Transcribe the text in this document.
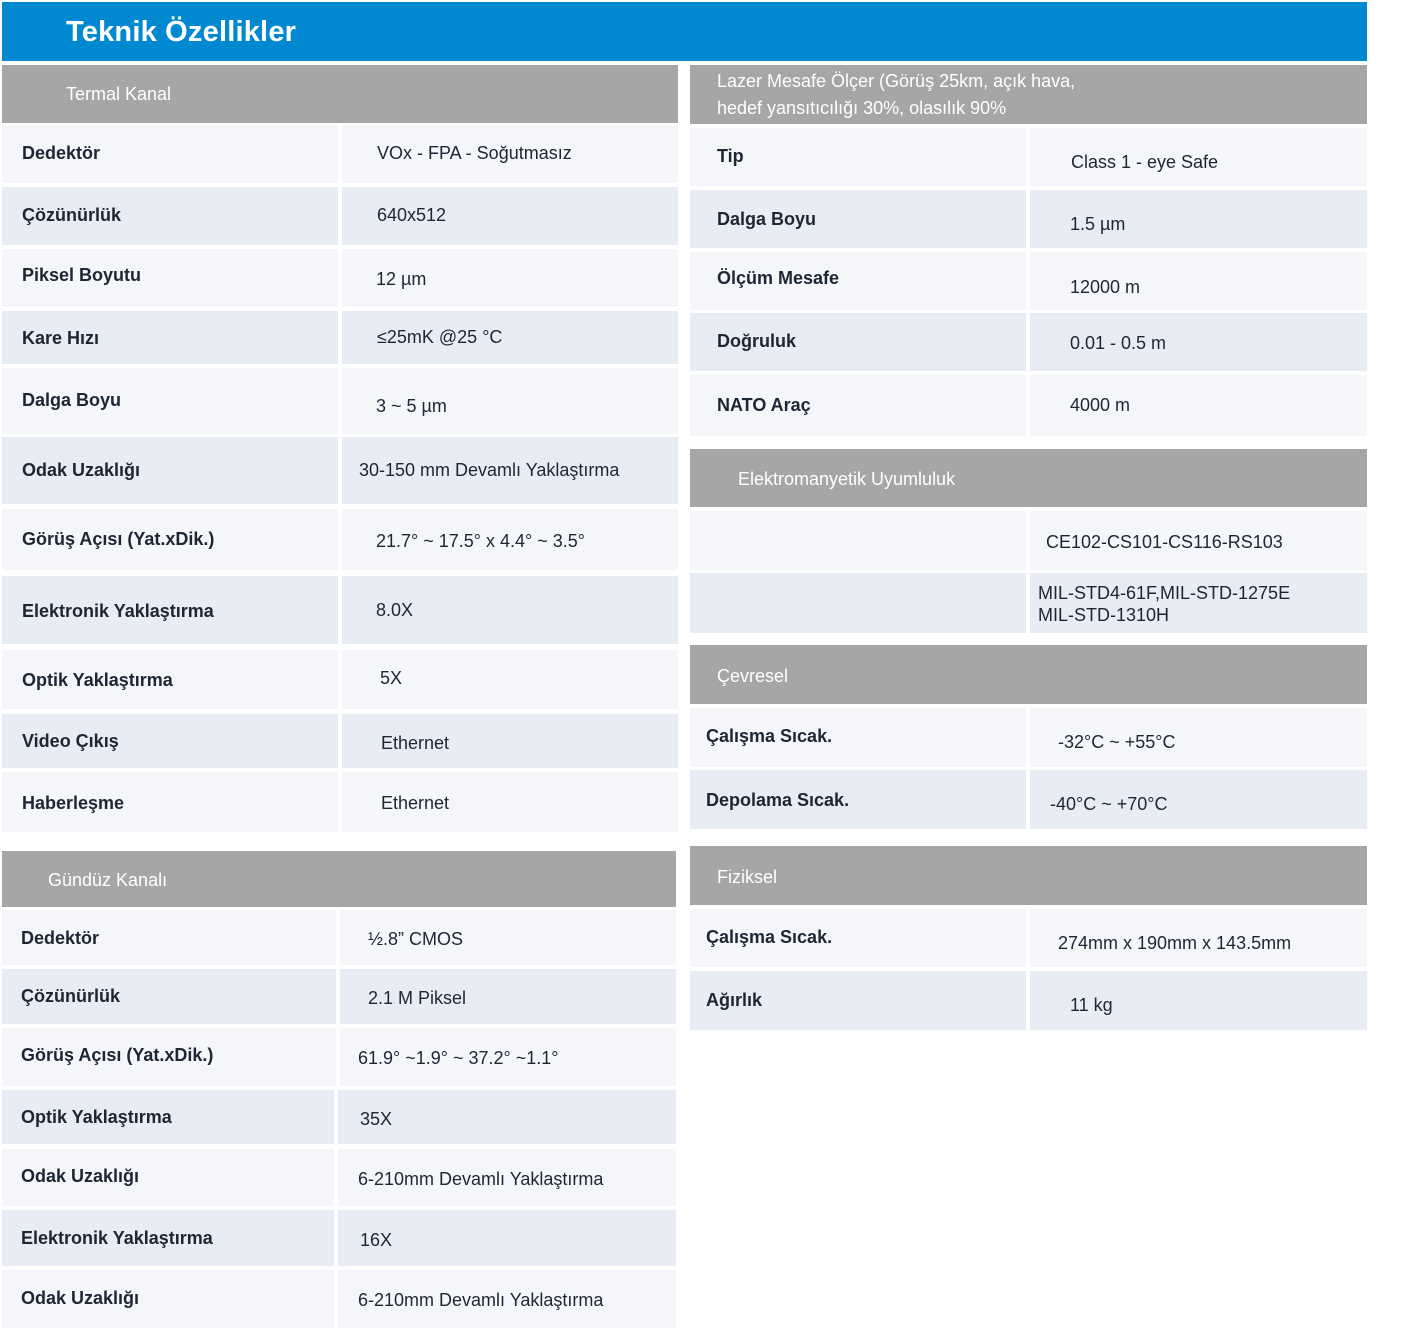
Teknik Özellikler
Termal Kanal
Dedektör	VOx - FPA - Soğutmasız
Çözünürlük	640x512
Piksel Boyutu	12 µm
Kare Hızı	≤25mK @25 °C
Dalga Boyu	3 ~ 5 µm
Odak Uzaklığı	30-150 mm Devamlı Yaklaştırma
Görüş Açısı (Yat.xDik.)	21.7° ~ 17.5° x 4.4° ~ 3.5°
Elektronik Yaklaştırma	8.0X
Optik Yaklaştırma	5X
Video Çıkış	Ethernet
Haberleşme	Ethernet
Gündüz Kanalı
Dedektör	½.8” CMOS
Çözünürlük	2.1 M Piksel
Görüş Açısı (Yat.xDik.)	61.9° ~1.9° ~ 37.2° ~1.1°
Optik Yaklaştırma	35X
Odak Uzaklığı	6-210mm Devamlı Yaklaştırma
Elektronik Yaklaştırma	16X
Odak Uzaklığı	6-210mm Devamlı Yaklaştırma
Lazer Mesafe Ölçer (Görüş 25km, açık hava,
hedef yansıtıcılığı 30%, olasılık 90%
Tip	Class 1 - eye Safe
Dalga Boyu	1.5 µm
Ölçüm Mesafe	12000 m
Doğruluk	0.01 - 0.5 m
NATO Araç	4000 m
Elektromanyetik Uyumluluk
CE102-CS101-CS116-RS103
MIL-STD4-61F,MIL-STD-1275E
MIL-STD-1310H
Çevresel
Çalışma Sıcak.	-32°C ~ +55°C
Depolama Sıcak.	-40°C ~ +70°C
Fiziksel
Çalışma Sıcak.	274mm x 190mm x 143.5mm
Ağırlık	11 kg
